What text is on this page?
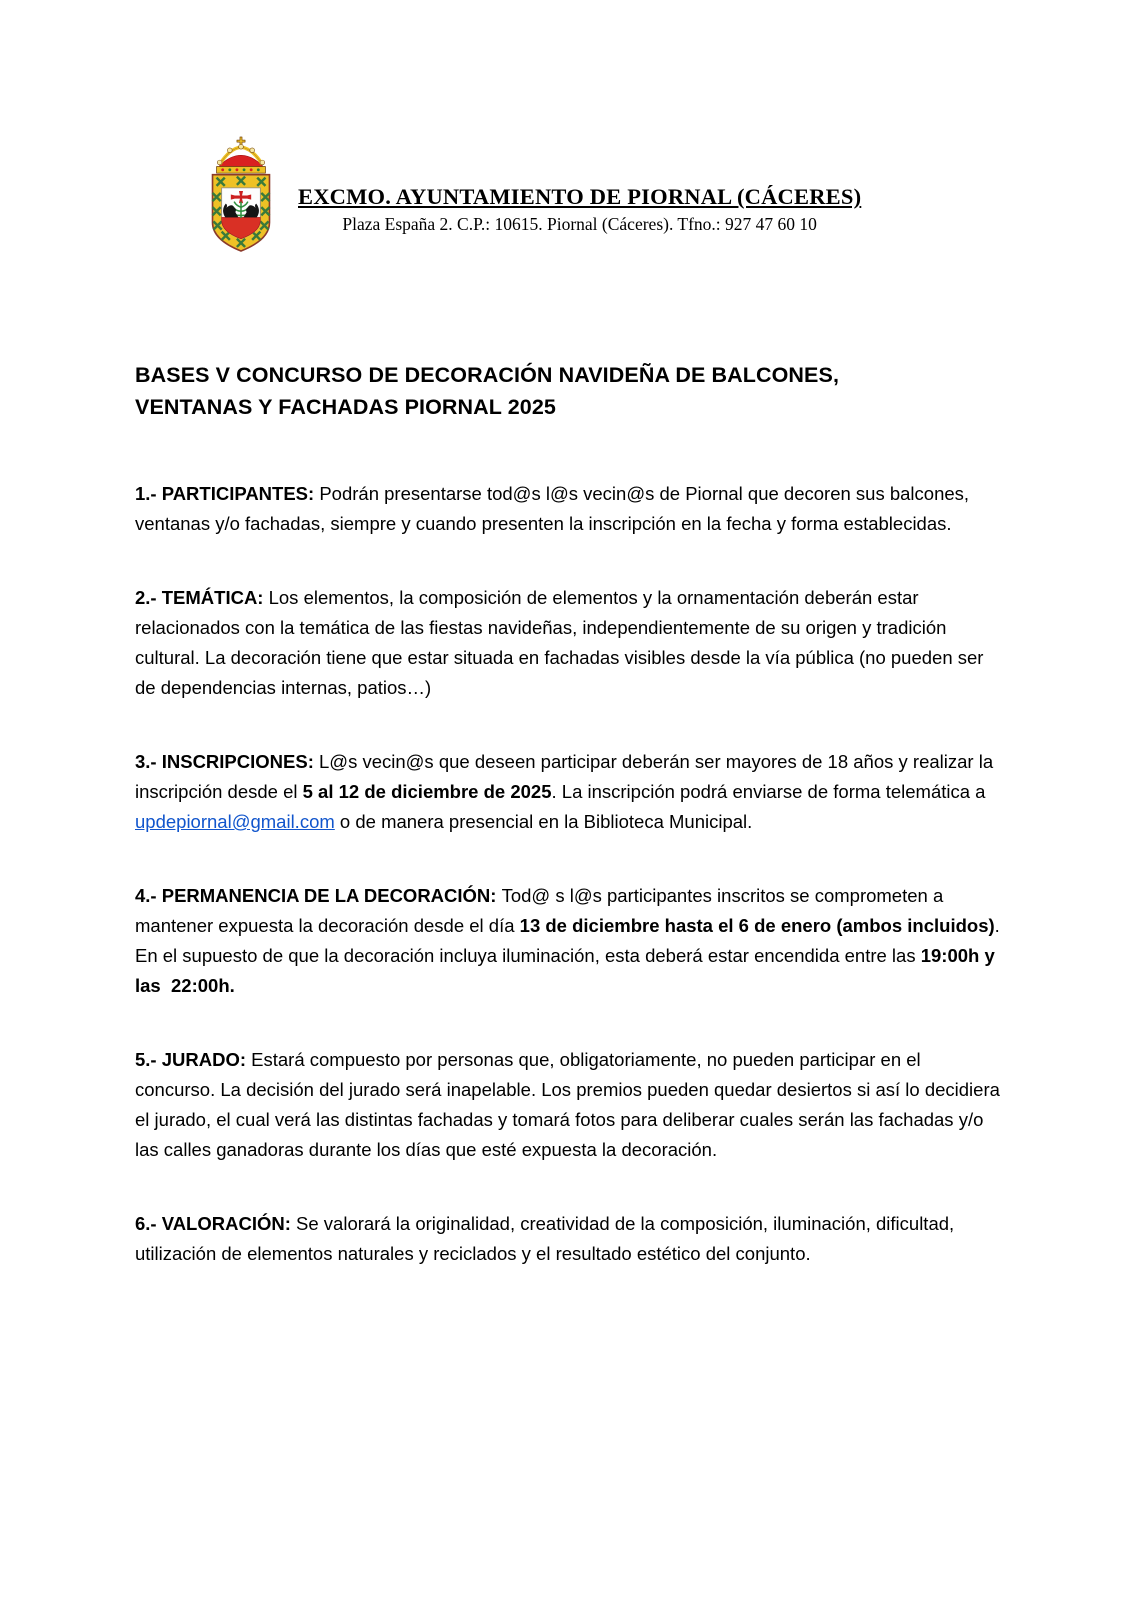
EXCMO. AYUNTAMIENTO DE PIORNAL (CÁCERES)
Plaza España 2. C.P.: 10615. Piornal (Cáceres). Tfno.: 927 47 60 10
BASES V CONCURSO DE DECORACIÓN NAVIDEÑA DE BALCONES, VENTANAS Y FACHADAS PIORNAL 2025

1.- PARTICIPANTES: Podrán presentarse tod@s l@s vecin@s de Piornal que decoren sus balcones, ventanas y/o fachadas, siempre y cuando presenten la inscripción en la fecha y forma establecidas.

2.- TEMÁTICA: Los elementos, la composición de elementos y la ornamentación deberán estar relacionados con la temática de las fiestas navideñas, independientemente de su origen y tradición cultural. La decoración tiene que estar situada en fachadas visibles desde la vía pública (no pueden ser de dependencias internas, patios…)

3.- INSCRIPCIONES: L@s vecin@s que deseen participar deberán ser mayores de 18 años y realizar la inscripción desde el 5 al 12 de diciembre de 2025. La inscripción podrá enviarse de forma telemática a updepiornal@gmail.com o de manera presencial en la Biblioteca Municipal.

4.- PERMANENCIA DE LA DECORACIÓN: Tod@ s l@s participantes inscritos se comprometen a mantener expuesta la decoración desde el día 13 de diciembre hasta el 6 de enero (ambos incluidos). En el supuesto de que la decoración incluya iluminación, esta deberá estar encendida entre las 19:00h y las  22:00h.

5.- JURADO: Estará compuesto por personas que, obligatoriamente, no pueden participar en el concurso. La decisión del jurado será inapelable. Los premios pueden quedar desiertos si así lo decidiera el jurado, el cual verá las distintas fachadas y tomará fotos para deliberar cuales serán las fachadas y/o las calles ganadoras durante los días que esté expuesta la decoración.

6.- VALORACIÓN: Se valorará la originalidad, creatividad de la composición, iluminación, dificultad, utilización de elementos naturales y reciclados y el resultado estético del conjunto.
